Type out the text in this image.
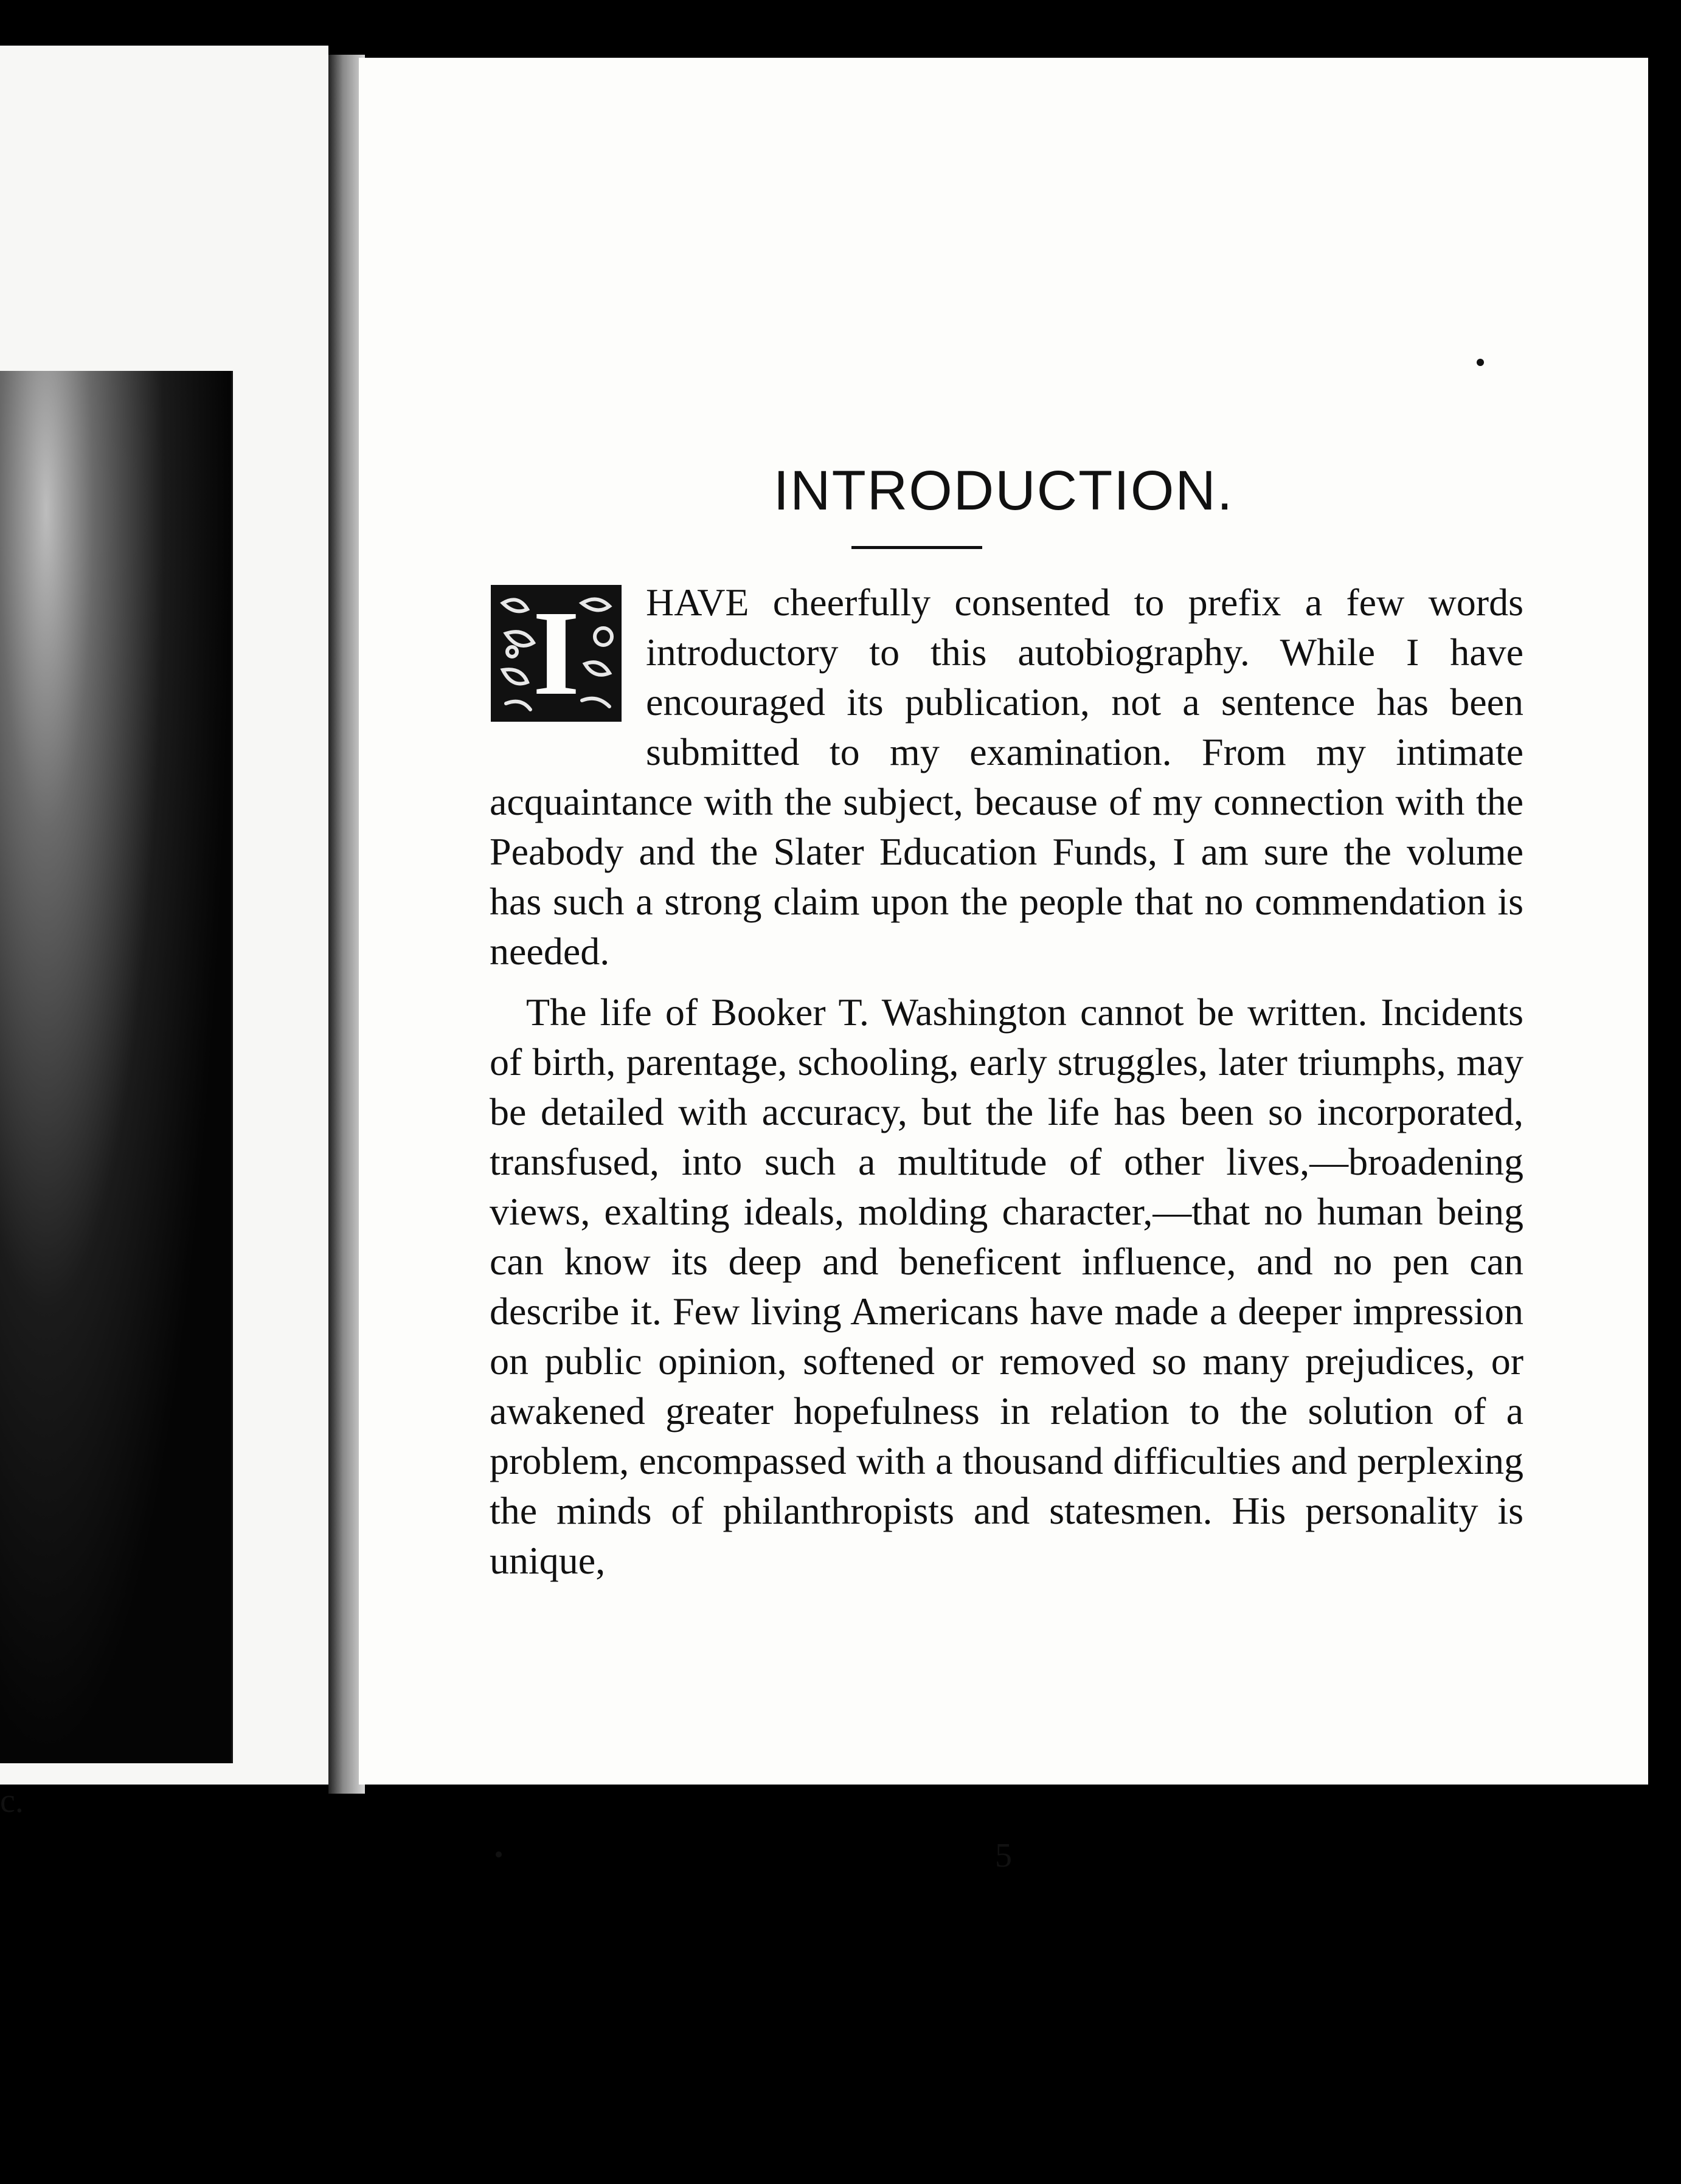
c.
INTRODUCTION.
I	HAVE cheerfully consented to prefix a few words introductory to this autobiography. While I have encouraged its publication, not a sentence has been submitted to my examination. From my intimate acquaintance with the subject, because of my connection with the Peabody and the Slater Education Funds, I am sure the volume has such a strong claim upon the people that no commendation is needed.

The life of Booker T. Washington cannot be written. Incidents of birth, parentage, schooling, early struggles, later triumphs, may be detailed with accuracy, but the life has been so incorporated, transfused, into such a multitude of other lives,—broadening views, exalting ideals, molding character,—that no human being can know its deep and beneficent influence, and no pen can describe it. Few living Americans have made a deeper impression on public opinion, softened or removed so many prejudices, or awakened greater hopefulness in relation to the solution of a problem, encompassed with a thousand difficulties and perplexing the minds of philanthropists and statesmen. His personality is unique,

5
